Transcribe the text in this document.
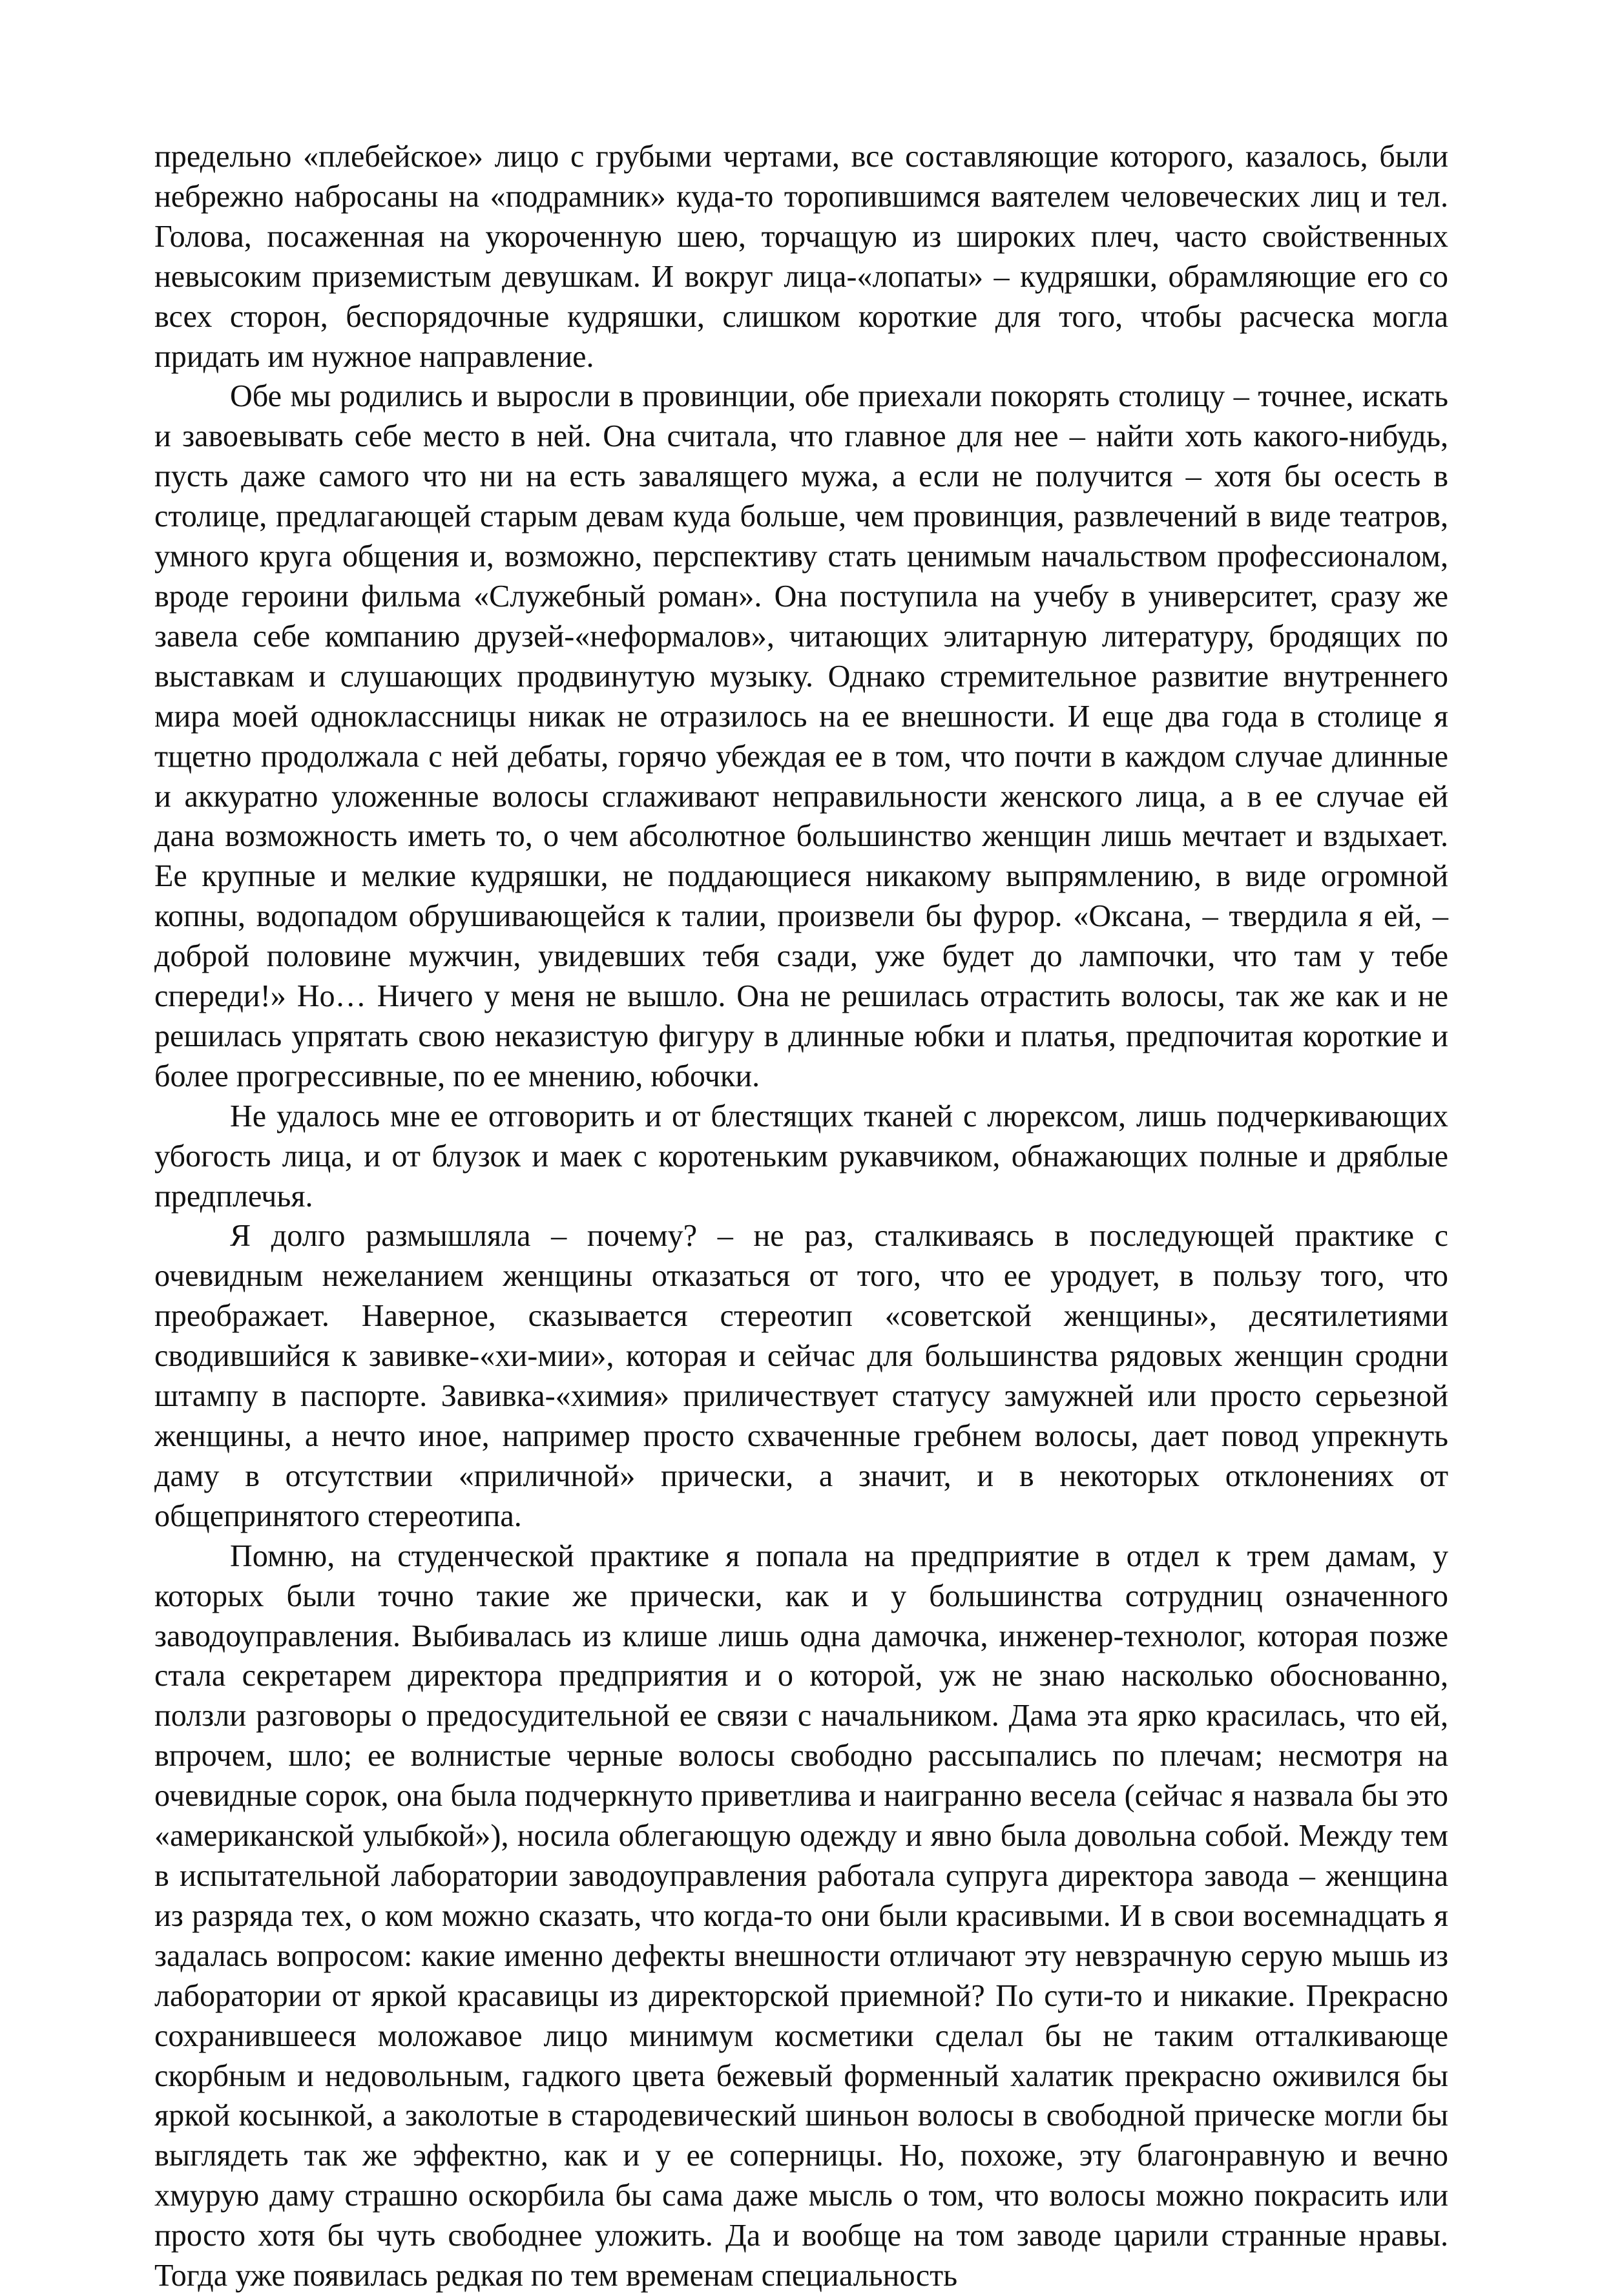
предельно «плебейское» лицо с грубыми чертами, все составляющие которого, казалось, были небрежно набросаны на «подрамник» куда-то торопившимся ваятелем человеческих лиц и тел. Голова, посаженная на укороченную шею, торчащую из широких плеч, часто свойственных невысоким приземистым девушкам. И вокруг лица-«лопаты» – кудряшки, обрамляющие его со всех сторон, беспорядочные кудряшки, слишком короткие для того, чтобы расческа могла придать им нужное направление.

Обе мы родились и выросли в провинции, обе приехали покорять столицу – точнее, искать и завоевывать себе место в ней. Она считала, что главное для нее – найти хоть какого-нибудь, пусть даже самого что ни на есть завалящего мужа, а если не получится – хотя бы осесть в столице, предлагающей старым девам куда больше, чем провинция, развлечений в виде театров, умного круга общения и, возможно, перспективу стать ценимым начальством профессионалом, вроде героини фильма «Служебный роман». Она поступила на учебу в университет, сразу же завела себе компанию друзей-«неформалов», читающих элитарную литературу, бродящих по выставкам и слушающих продвинутую музыку. Однако стремительное развитие внутреннего мира моей одноклассницы никак не отразилось на ее внешности. И еще два года в столице я тщетно продолжала с ней дебаты, горячо убеждая ее в том, что почти в каждом случае длинные и аккуратно уложенные волосы сглаживают неправильности женского лица, а в ее случае ей дана возможность иметь то, о чем абсолютное большинство женщин лишь мечтает и вздыхает. Ее крупные и мелкие кудряшки, не поддающиеся никакому выпрямлению, в виде огромной копны, водопадом обрушивающейся к талии, произвели бы фурор. «Оксана, – твердила я ей, – доброй половине мужчин, увидевших тебя сзади, уже будет до лампочки, что там у тебе спереди!» Но… Ничего у меня не вышло. Она не решилась отрастить волосы, так же как и не решилась упрятать свою неказистую фигуру в длинные юбки и платья, предпочитая короткие и более прогрессивные, по ее мнению, юбочки.

Не удалось мне ее отговорить и от блестящих тканей с люрексом, лишь подчеркивающих убогость лица, и от блузок и маек с коротеньким рукавчиком, обнажающих полные и дряблые предплечья.

Я долго размышляла – почему? – не раз, сталкиваясь в последующей практике с очевидным нежеланием женщины отказаться от того, что ее уродует, в пользу того, что преображает. Наверное, сказывается стереотип «советской женщины», десятилетиями сводившийся к завивке-«хи-мии», которая и сейчас для большинства рядовых женщин сродни штампу в паспорте. Завивка-«химия» приличествует статусу замужней или просто серьезной женщины, а нечто иное, например просто схваченные гребнем волосы, дает повод упрекнуть даму в отсутствии «приличной» прически, а значит, и в некоторых отклонениях от общепринятого стереотипа.

Помню, на студенческой практике я попала на предприятие в отдел к трем дамам, у которых были точно такие же прически, как и у большинства сотрудниц означенного заводоуправления. Выбивалась из клише лишь одна дамочка, инженер-технолог, которая позже стала секретарем директора предприятия и о которой, уж не знаю насколько обоснованно, ползли разговоры о предосудительной ее связи с начальником. Дама эта ярко красилась, что ей, впрочем, шло; ее волнистые черные волосы свободно рассыпались по плечам; несмотря на очевидные сорок, она была подчеркнуто приветлива и наигранно весела (сейчас я назвала бы это «американской улыбкой»), носила облегающую одежду и явно была довольна собой. Между тем в испытательной лаборатории заводоуправления работала супруга директора завода – женщина из разряда тех, о ком можно сказать, что когда-то они были красивыми. И в свои восемнадцать я задалась вопросом: какие именно дефекты внешности отличают эту невзрачную серую мышь из лаборатории от яркой красавицы из директорской приемной? По сути-то и никакие. Прекрасно сохранившееся моложавое лицо минимум косметики сделал бы не таким отталкивающе скорбным и недовольным, гадкого цвета бежевый форменный халатик прекрасно оживился бы яркой косынкой, а заколотые в стародевический шиньон волосы в свободной прическе могли бы выглядеть так же эффектно, как и у ее соперницы. Но, похоже, эту благонравную и вечно хмурую даму страшно оскорбила бы сама даже мысль о том, что волосы можно покрасить или просто хотя бы чуть свободнее уложить. Да и вообще на том заводе царили странные нравы. Тогда уже появилась редкая по тем временам специальность
